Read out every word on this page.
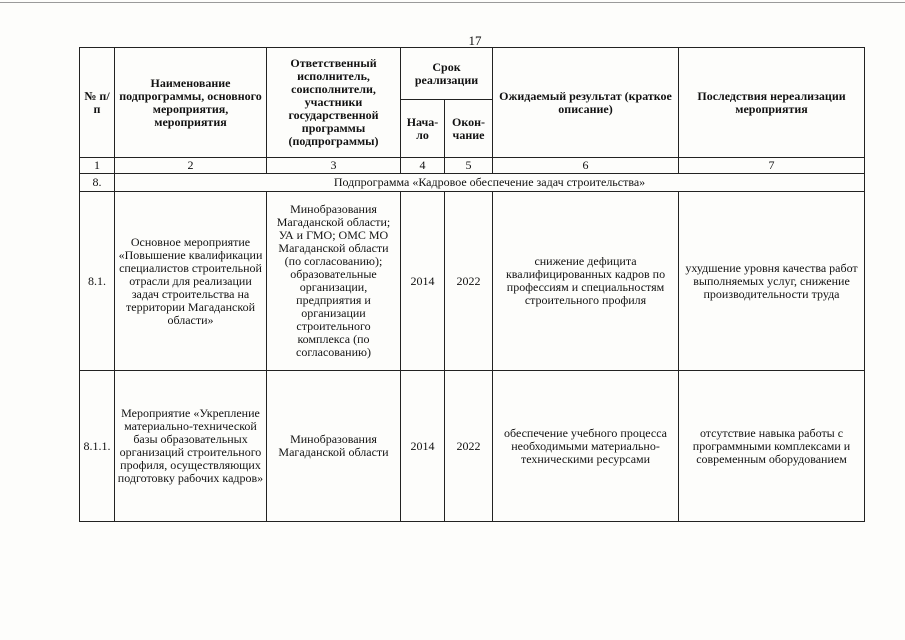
17
№ п/п	Наименование подпрограммы, основного мероприятия, мероприятия	Ответственный исполнитель, соисполнители, участники государственной программы (подпрограммы)	Срок реализации		Ожидаемый результат (краткое описание)	Последствия нереализации мероприятия
			Нача-ло	Окон-чание		
1	2	3	4	5	6	7
8.	Подпрограмма «Кадровое обеспечение задач строительства»					
8.1.	Основное мероприятие «Повышение квалификации специалистов строительной отрасли для реализации задач строительства на территории Магаданской области»	Минобразования Магаданской области; УА и ГМО; ОМС МО Магаданской области (по согласованию); образовательные организации, предприятия и организации строительного комплекса (по согласованию)	2014	2022	снижение дефицита квалифицированных кадров по профессиям и специальностям строительного профиля	ухудшение уровня качества работ выполняемых услуг, снижение производительности труда
8.1.1.	Мероприятие «Укрепление материально-технической базы образовательных организаций строительного профиля, осуществляющих подготовку рабочих кадров»	Минобразования Магаданской области	2014	2022	обеспечение учебного процесса необходимыми материально-техническими ресурсами	отсутствие навыка работы с программными комплексами и современным оборудованием
